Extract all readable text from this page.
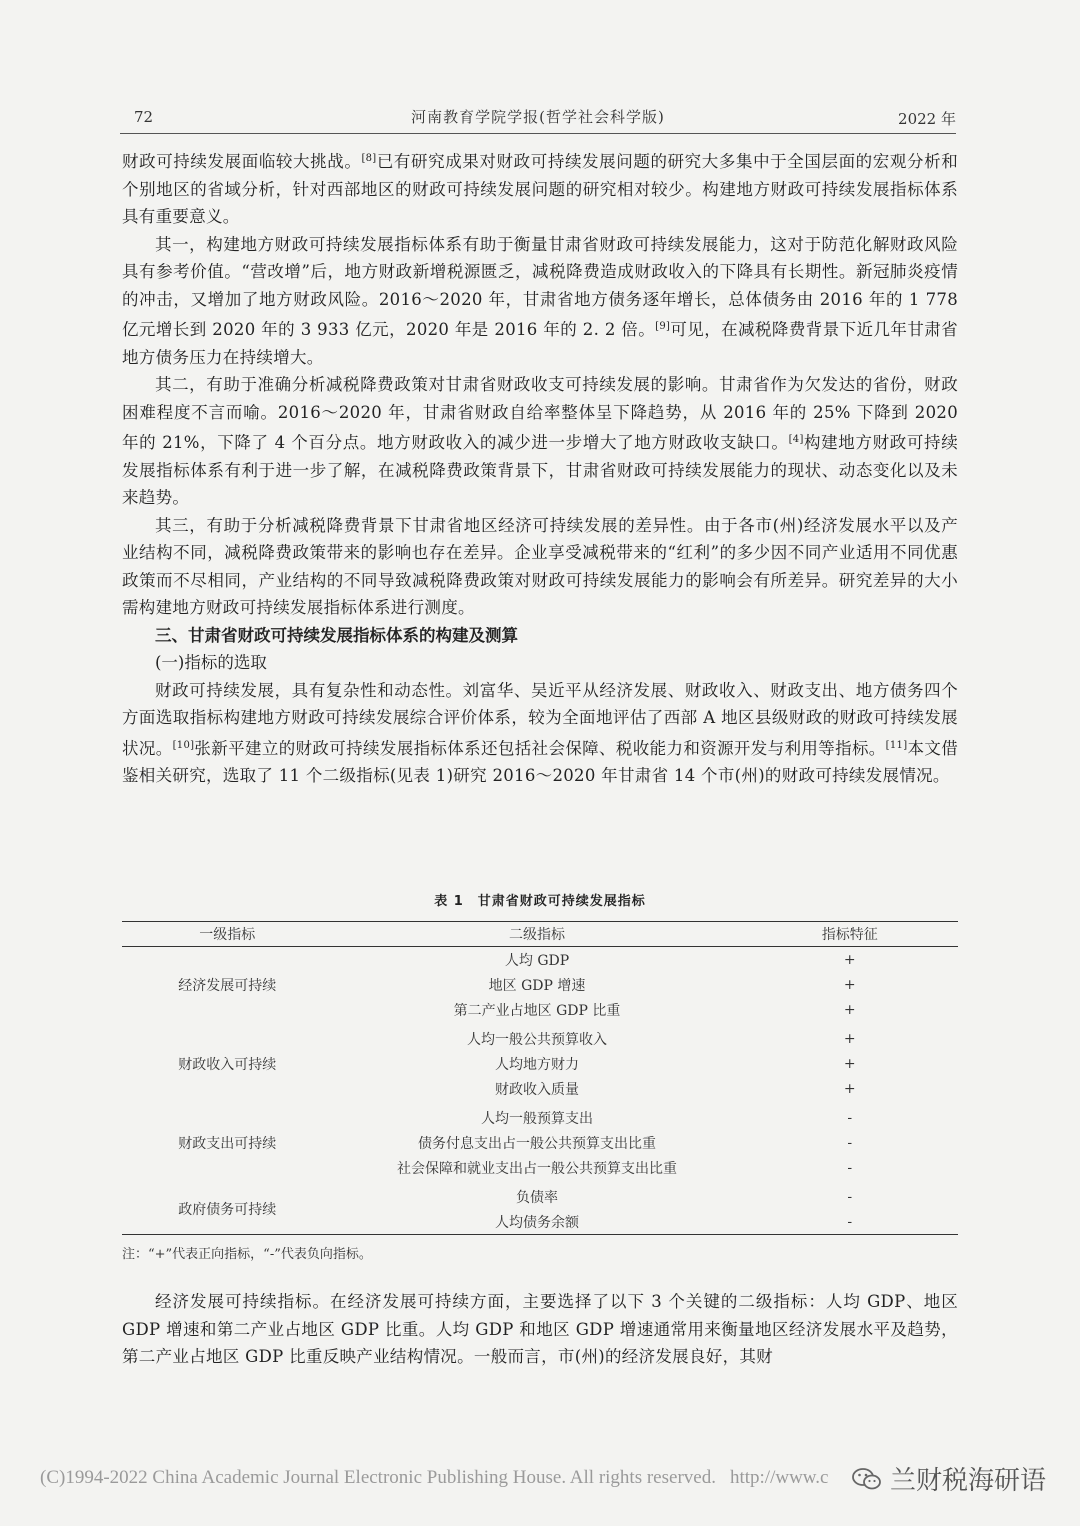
72	河南教育学院学报(哲学社会科学版)	2022 年

财政可持续发展面临较大挑战。[8]已有研究成果对财政可持续发展问题的研究大多集中于全国层面的宏观分析和个别地区的省域分析，针对西部地区的财政可持续发展问题的研究相对较少。构建地方财政可持续发展指标体系具有重要意义。

其一，构建地方财政可持续发展指标体系有助于衡量甘肃省财政可持续发展能力，这对于防范化解财政风险具有参考价值。“营改增”后，地方财政新增税源匮乏，减税降费造成财政收入的下降具有长期性。新冠肺炎疫情的冲击，又增加了地方财政风险。2016～2020 年，甘肃省地方债务逐年增长，总体债务由 2016 年的 1 778 亿元增长到 2020 年的 3 933 亿元，2020 年是 2016 年的 2. 2 倍。[9]可见，在减税降费背景下近几年甘肃省地方债务压力在持续增大。

其二，有助于准确分析减税降费政策对甘肃省财政收支可持续发展的影响。甘肃省作为欠发达的省份，财政困难程度不言而喻。2016～2020 年，甘肃省财政自给率整体呈下降趋势，从 2016 年的 25% 下降到 2020 年的 21%，下降了 4 个百分点。地方财政收入的减少进一步增大了地方财政收支缺口。[4]构建地方财政可持续发展指标体系有利于进一步了解，在减税降费政策背景下，甘肃省财政可持续发展能力的现状、动态变化以及未来趋势。

其三，有助于分析减税降费背景下甘肃省地区经济可持续发展的差异性。由于各市(州)经济发展水平以及产业结构不同，减税降费政策带来的影响也存在差异。企业享受减税带来的“红利”的多少因不同产业适用不同优惠政策而不尽相同，产业结构的不同导致减税降费政策对财政可持续发展能力的影响会有所差异。研究差异的大小需构建地方财政可持续发展指标体系进行测度。

三、甘肃省财政可持续发展指标体系的构建及测算
(一)指标的选取

财政可持续发展，具有复杂性和动态性。刘富华、吴近平从经济发展、财政收入、财政支出、地方债务四个方面选取指标构建地方财政可持续发展综合评价体系，较为全面地评估了西部 A 地区县级财政的财政可持续发展状况。[10]张新平建立的财政可持续发展指标体系还包括社会保障、税收能力和资源开发与利用等指标。[11]本文借鉴相关研究，选取了 11 个二级指标(见表 1)研究 2016～2020 年甘肃省 14 个市(州)的财政可持续发展情况。

表 1　甘肃省财政可持续发展指标
一级指标	二级指标	指标特征
经济发展可持续	人均 GDP	+
	地区 GDP 增速	+
	第二产业占地区 GDP 比重	+
财政收入可持续	人均一般公共预算收入	+
	人均地方财力	+
	财政收入质量	+
财政支出可持续	人均一般预算支出	-
	债务付息支出占一般公共预算支出比重	-
	社会保障和就业支出占一般公共预算支出比重	-
政府债务可持续	负债率	-
	人均债务余额	-
注：“+”代表正向指标，“-”代表负向指标。

经济发展可持续指标。在经济发展可持续方面，主要选择了以下 3 个关键的二级指标：人均 GDP、地区 GDP 增速和第二产业占地区 GDP 比重。人均 GDP 和地区 GDP 增速通常用来衡量地区经济发展水平及趋势，第二产业占地区 GDP 比重反映产业结构情况。一般而言，市(州)的经济发展良好，其财

(C)1994-2022 China Academic Journal Electronic Publishing House. All rights reserved. http://www.c 兰财税海研语
